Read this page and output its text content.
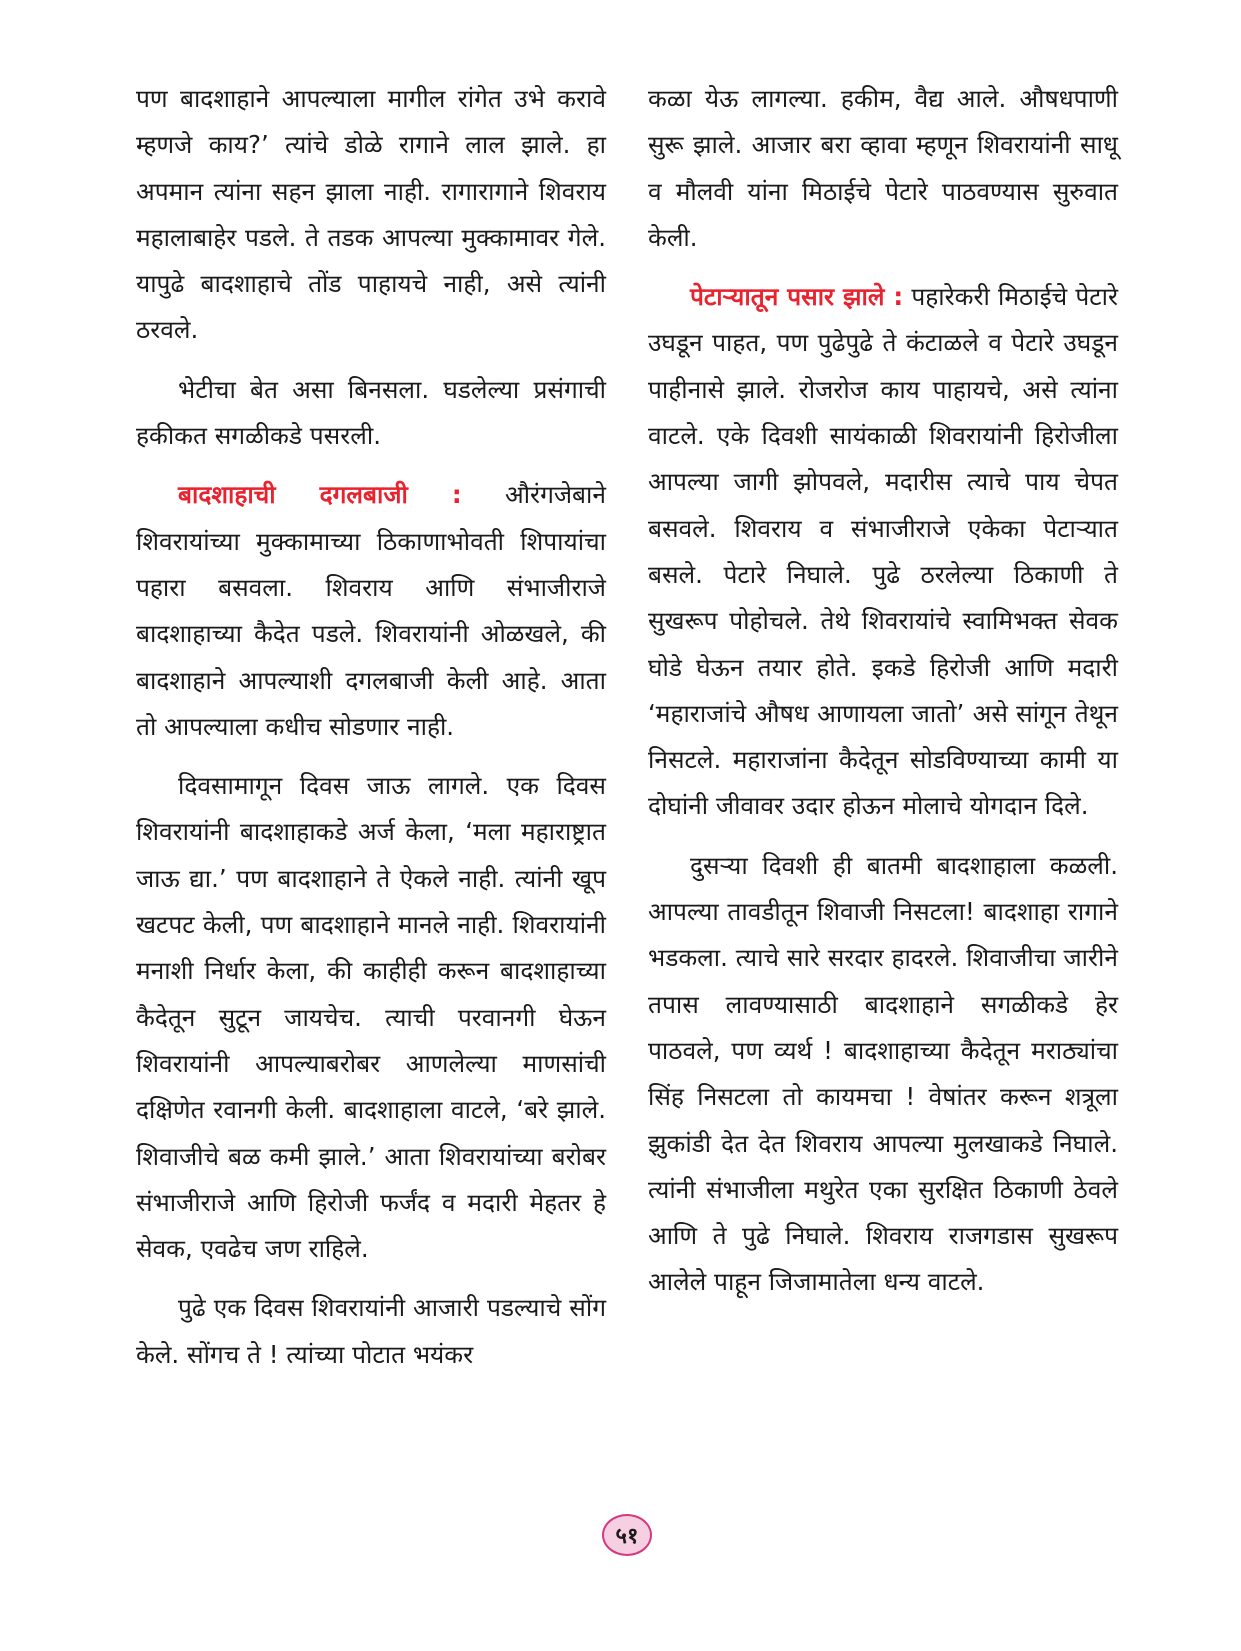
पण बादशाहाने आपल्याला मागील रांगेत उभे करावे म्हणजे काय?’ त्यांचे डोळे रागाने लाल झाले. हा अपमान त्यांना सहन झाला नाही. रागारागाने शिवराय महालाबाहेर पडले. ते तडक आपल्या मुक्कामावर गेले. यापुढे बादशाहाचे तोंड पाहायचे नाही, असे त्यांनी ठरवले.

भेटीचा बेत असा बिनसला. घडलेल्या प्रसंगाची हकीकत सगळीकडे पसरली.

बादशाहाची दगलबाजी : औरंगजेबाने शिवरायांच्या मुक्कामाच्या ठिकाणाभोवती शिपायांचा पहारा बसवला. शिवराय आणि संभाजीराजे बादशाहाच्या कैदेत पडले. शिवरायांनी ओळखले, की बादशाहाने आपल्याशी दगलबाजी केली आहे. आता तो आपल्याला कधीच सोडणार नाही.

दिवसामागून दिवस जाऊ लागले. एक दिवस शिवरायांनी बादशाहाकडे अर्ज केला, ‘मला महाराष्ट्रात जाऊ द्या.’ पण बादशाहाने ते ऐकले नाही. त्यांनी खूप खटपट केली, पण बादशाहाने मानले नाही. शिवरायांनी मनाशी निर्धार केला, की काहीही करून बादशाहाच्या कैदेतून सुटून जायचेच. त्याची परवानगी घेऊन शिवरायांनी आपल्याबरोबर आणलेल्या माणसांची दक्षिणेत रवानगी केली. बादशाहाला वाटले, ‘बरे झाले. शिवाजीचे बळ कमी झाले.’ आता शिवरायांच्या बरोबर संभाजीराजे आणि हिरोजी फर्जंद व मदारी मेहतर हे सेवक, एवढेच जण राहिले.

पुढे एक दिवस शिवरायांनी आजारी पडल्याचे सोंग केले. सोंगच ते ! त्यांच्या पोटात भयंकर

कळा येऊ लागल्या. हकीम, वैद्य आले. औषधपाणी सुरू झाले. आजार बरा व्हावा म्हणून शिवरायांनी साधू व मौलवी यांना मिठाईचे पेटारे पाठवण्यास सुरुवात केली.

पेटाऱ्यातून पसार झाले : पहारेकरी मिठाईचे पेटारे उघडून पाहत, पण पुढेपुढे ते कंटाळले व पेटारे उघडून पाहीनासे झाले. रोजरोज काय पाहायचे, असे त्यांना वाटले. एके दिवशी सायंकाळी शिवरायांनी हिरोजीला आपल्या जागी झोपवले, मदारीस त्याचे पाय चेपत बसवले. शिवराय व संभाजीराजे एकेका पेटाऱ्यात बसले. पेटारे निघाले. पुढे ठरलेल्या ठिकाणी ते सुखरूप पोहोचले. तेथे शिवरायांचे स्वामिभक्त सेवक घोडे घेऊन तयार होते. इकडे हिरोजी आणि मदारी ‘महाराजांचे औषध आणायला जातो’ असे सांगून तेथून निसटले. महाराजांना कैदेतून सोडविण्याच्या कामी या दोघांनी जीवावर उदार होऊन मोलाचे योगदान दिले.

दुसऱ्या दिवशी ही बातमी बादशाहाला कळली. आपल्या तावडीतून शिवाजी निसटला! बादशाहा रागाने भडकला. त्याचे सारे सरदार हादरले. शिवाजीचा जारीने तपास लावण्यासाठी बादशाहाने सगळीकडे हेर पाठवले, पण व्यर्थ ! बादशाहाच्या कैदेतून मराठ्यांचा सिंह निसटला तो कायमचा ! वेषांतर करून शत्रूला झुकांडी देत देत शिवराय आपल्या मुलखाकडे निघाले. त्यांनी संभाजीला मथुरेत एका सुरक्षित ठिकाणी ठेवले आणि ते पुढे निघाले. शिवराय राजगडास सुखरूप आलेले पाहून जिजामातेला धन्य वाटले.

५१
